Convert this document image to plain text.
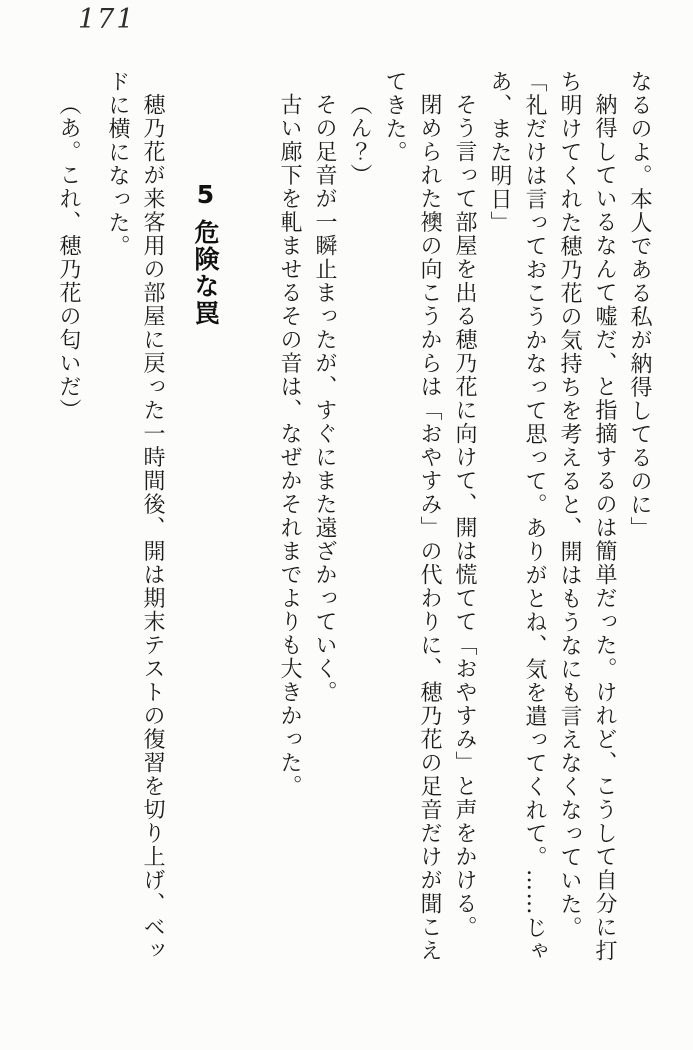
171

なるのよ。本人である私が納得してるのに」

納得しているなんて嘘だ、と指摘するのは簡単だった。けれど、こうして自分に打

ち明けてくれた穂乃花の気持ちを考えると、開はもうなにも言えなくなっていた。

「礼だけは言っておこうかなって思って。ありがとね、気を遣ってくれて。……じゃ

あ、また明日」

そう言って部屋を出る穂乃花に向けて、開は慌てて「おやすみ」と声をかける。

閉められた襖の向こうからは「おやすみ」の代わりに、穂乃花の足音だけが聞こえ

てきた。

（ん？）

その足音が一瞬止まったが、すぐにまた遠ざかっていく。

古い廊下を軋ませるその音は、なぜかそれまでよりも大きかった。

5危険な罠

穂乃花が来客用の部屋に戻った一時間後、開は期末テストの復習を切り上げ、ベッ

ドに横になった。

（あ。これ、穂乃花の匂いだ）
